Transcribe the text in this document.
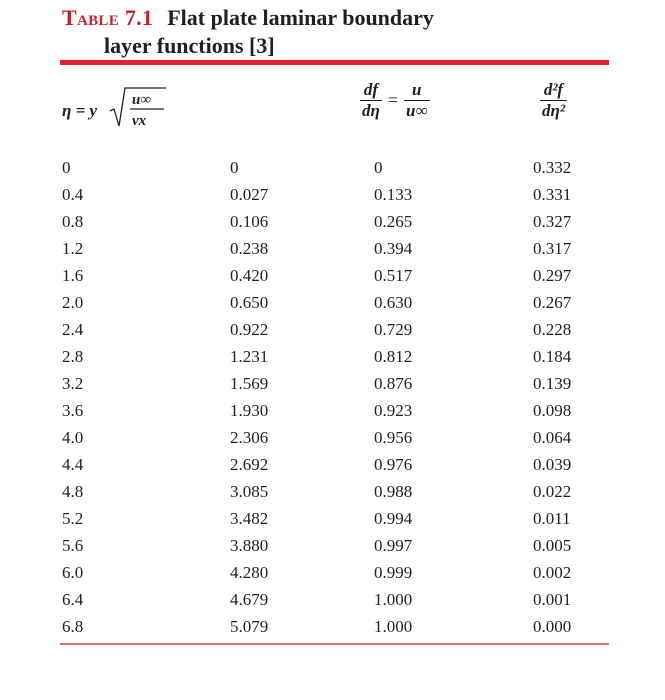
Table 7.1 Flat plate laminar boundary
layer functions [3]
η = y
u∞
νx	$\frac{df}{d\eta} = \frac{u}{u\infty}$	$\frac{\text{d²f}}{\text{dη²}}$
0	0	0	0.332
0.4	0.027	0.133	0.331
0.8	0.106	0.265	0.327
1.2	0.238	0.394	0.317
1.6	0.420	0.517	0.297
2.0	0.650	0.630	0.267
2.4	0.922	0.729	0.228
2.8	1.231	0.812	0.184
3.2	1.569	0.876	0.139
3.6	1.930	0.923	0.098
4.0	2.306	0.956	0.064
4.4	2.692	0.976	0.039
4.8	3.085	0.988	0.022
5.2	3.482	0.994	0.011
5.6	3.880	0.997	0.005
6.0	4.280	0.999	0.002
6.4	4.679	1.000	0.001
6.8	5.079	1.000	0.000
